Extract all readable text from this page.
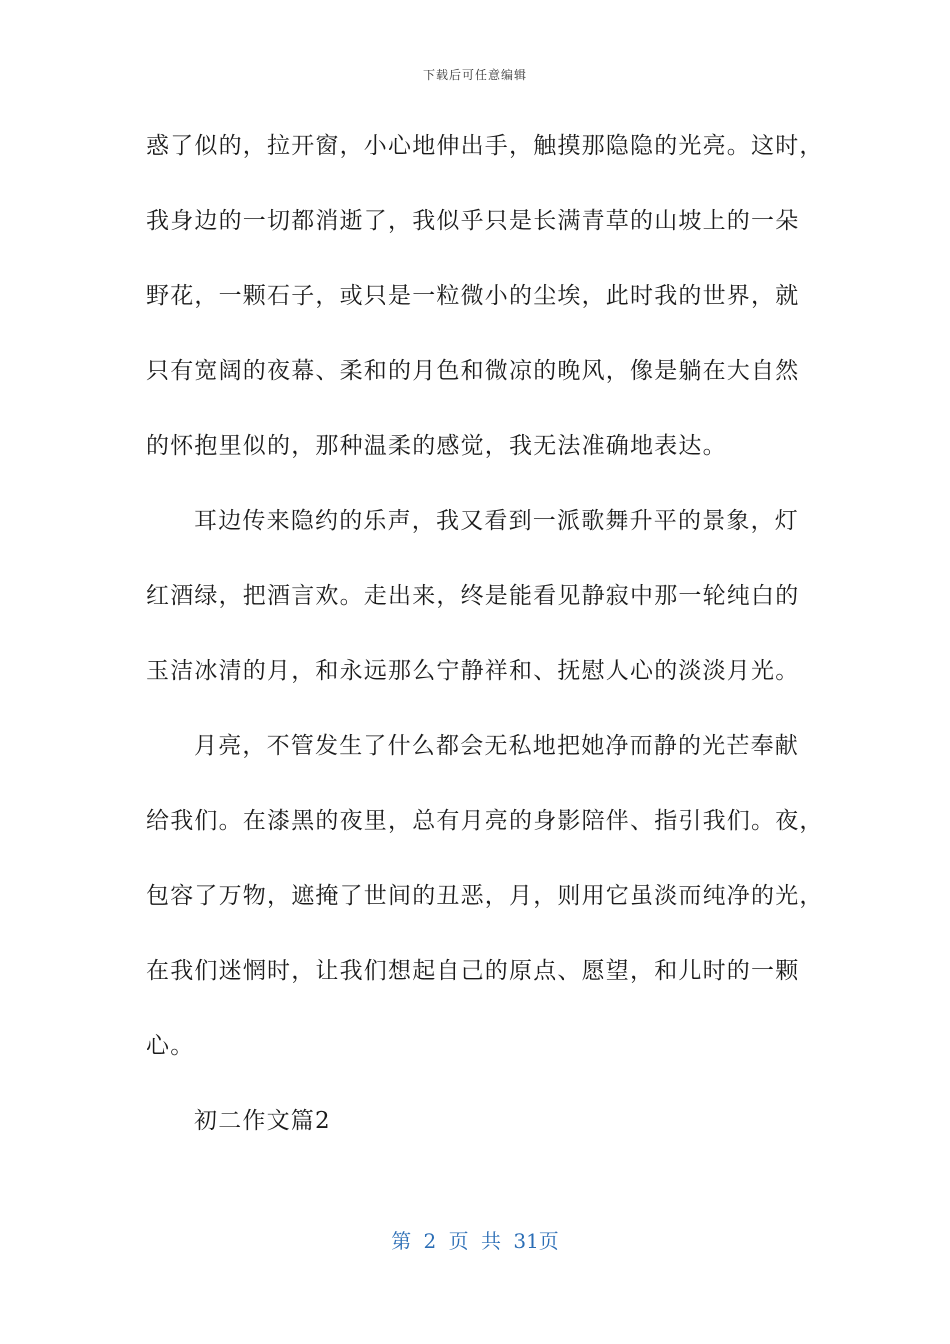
下载后可任意编辑
惑了似的，拉开窗，小心地伸出手，触摸那隐隐的光亮。这时，
我身边的一切都消逝了，我似乎只是长满青草的山坡上的一朵
野花，一颗石子，或只是一粒微小的尘埃，此时我的世界，就
只有宽阔的夜幕、柔和的月色和微凉的晚风，像是躺在大自然
的怀抱里似的，那种温柔的感觉，我无法准确地表达。
耳边传来隐约的乐声，我又看到一派歌舞升平的景象，灯
红酒绿，把酒言欢。走出来，终是能看见静寂中那一轮纯白的
玉洁冰清的月，和永远那么宁静祥和、抚慰人心的淡淡月光。
月亮，不管发生了什么都会无私地把她净而静的光芒奉献
给我们。在漆黑的夜里，总有月亮的身影陪伴、指引我们。夜，
包容了万物，遮掩了世间的丑恶，月，则用它虽淡而纯净的光，
在我们迷惘时，让我们想起自己的原点、愿望，和儿时的一颗
心。
初二作文篇2
第 2 页 共 31页
